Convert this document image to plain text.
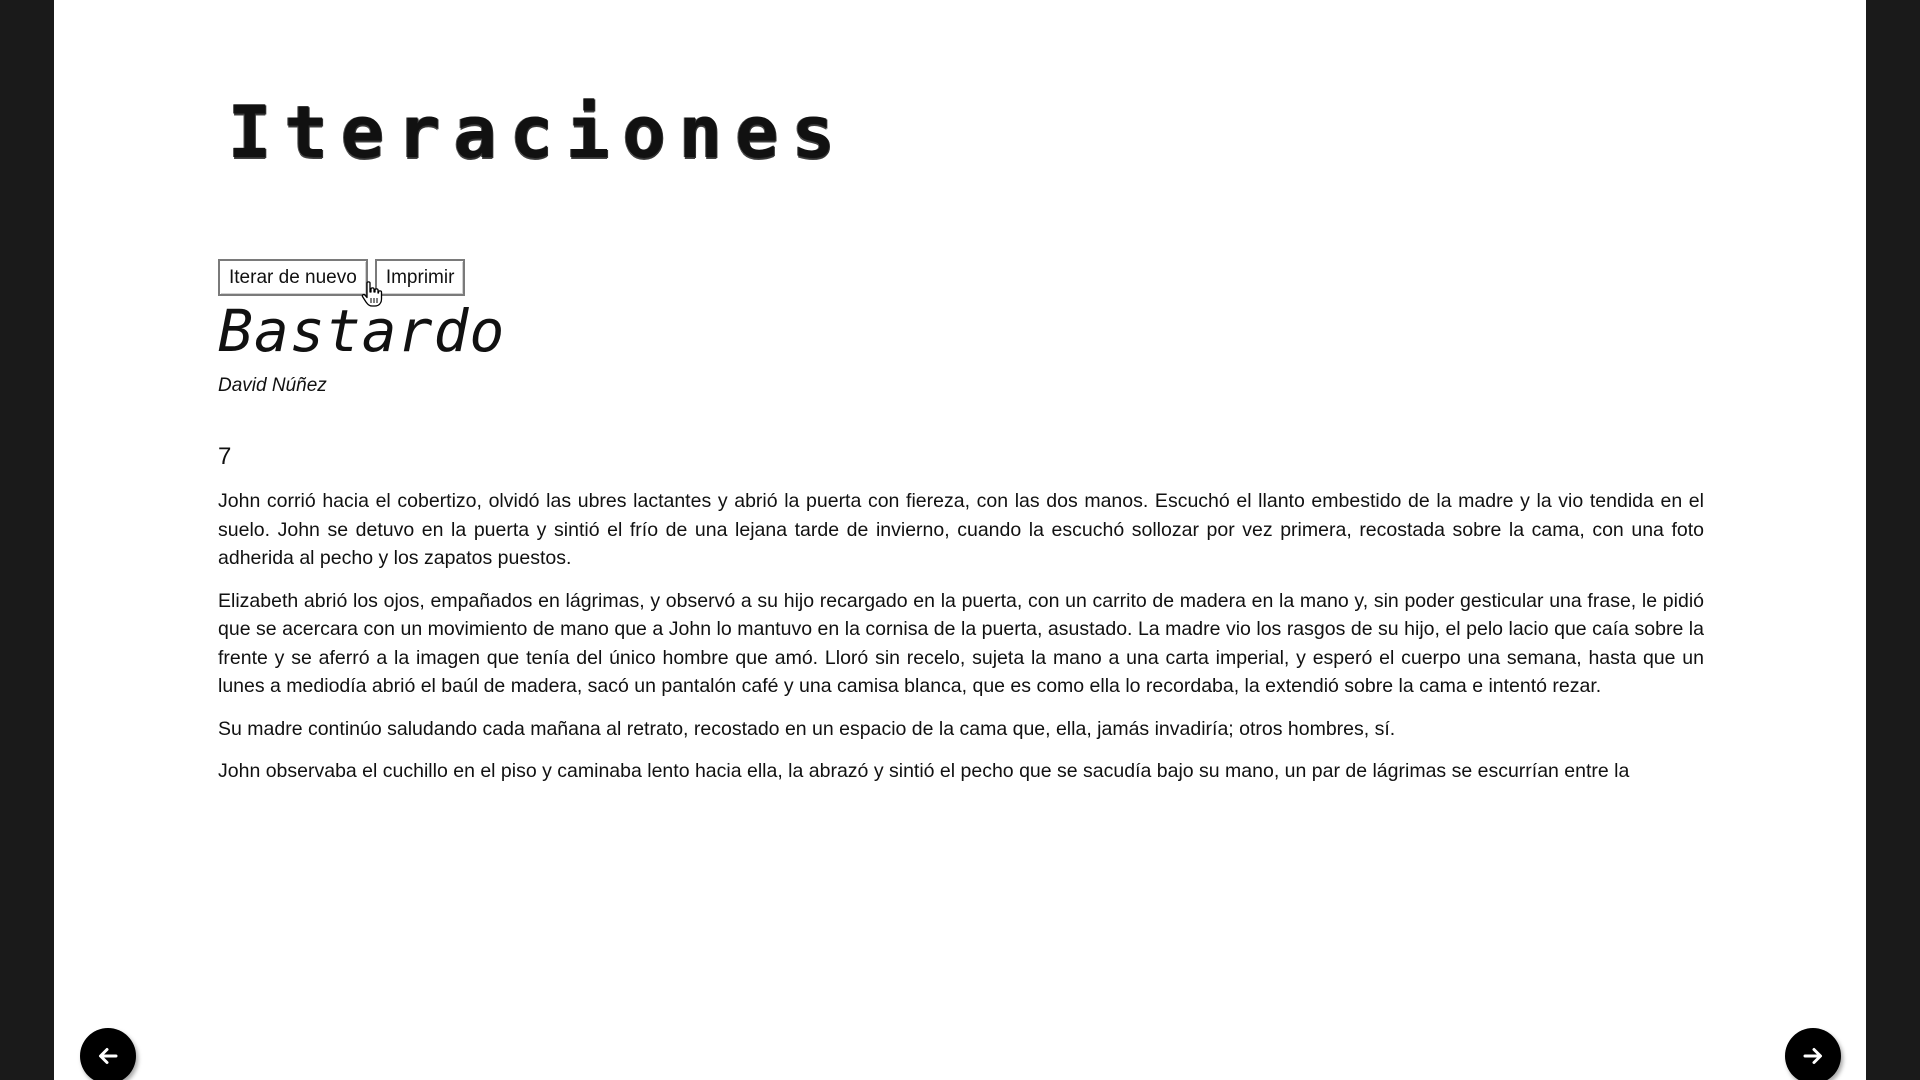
Iteraciones
Iterar de nuevo	Imprimir
Bastardo

David Núñez

7

John corrió hacia el cobertizo, olvidó las ubres lactantes y abrió la puerta con fiereza, con las dos manos. Escuchó el llanto embestido de la madre y la vio tendida en el suelo. John se detuvo en la puerta y sintió el frío de una lejana tarde de invierno, cuando la escuchó sollozar por vez primera, recostada sobre la cama, con una foto adherida al pecho y los zapatos puestos.

Elizabeth abrió los ojos, empañados en lágrimas, y observó a su hijo recargado en la puerta, con un carrito de madera en la mano y, sin poder gesticular una frase, le pidió que se acercara con un movimiento de mano que a John lo mantuvo en la cornisa de la puerta, asustado. La madre vio los rasgos de su hijo, el pelo lacio que caía sobre la frente y se aferró a la imagen que tenía del único hombre que amó. Lloró sin recelo, sujeta la mano a una carta imperial, y esperó el cuerpo una semana, hasta que un lunes a mediodía abrió el baúl de madera, sacó un pantalón café y una camisa blanca, que es como ella lo recordaba, la extendió sobre la cama e intentó rezar.

Su madre continúo saludando cada mañana al retrato, recostado en un espacio de la cama que, ella, jamás invadiría; otros hombres, sí.

John observaba el cuchillo en el piso y caminaba lento hacia ella, la abrazó y sintió el pecho que se sacudía bajo su mano, un par de lágrimas se escurrían entre la
